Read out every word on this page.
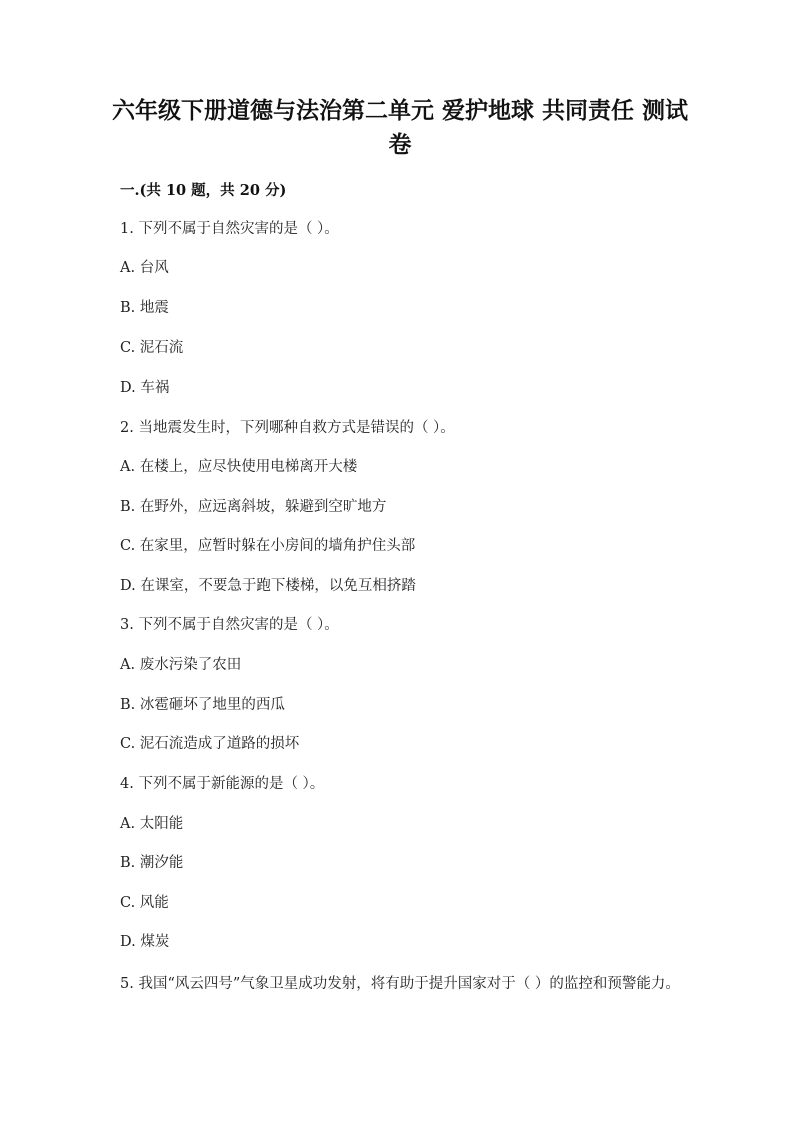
六年级下册道德与法治第二单元 爱护地球 共同责任 测试卷

一.(共 10 题，共 20 分)

1. 下列不属于自然灾害的是（ ）。

A. 台风

B. 地震

C. 泥石流

D. 车祸

2. 当地震发生时，下列哪种自救方式是错误的（ ）。

A. 在楼上，应尽快使用电梯离开大楼

B. 在野外，应远离斜坡，躲避到空旷地方

C. 在家里，应暂时躲在小房间的墙角护住头部

D. 在课室，不要急于跑下楼梯，以免互相挤踏

3. 下列不属于自然灾害的是（ ）。

A. 废水污染了农田

B. 冰雹砸坏了地里的西瓜

C. 泥石流造成了道路的损坏

4. 下列不属于新能源的是（ ）。

A. 太阳能

B. 潮汐能

C. 风能

D. 煤炭

5. 我国“风云四号”气象卫星成功发射，将有助于提升国家对于（ ）的监控和预警能力。
